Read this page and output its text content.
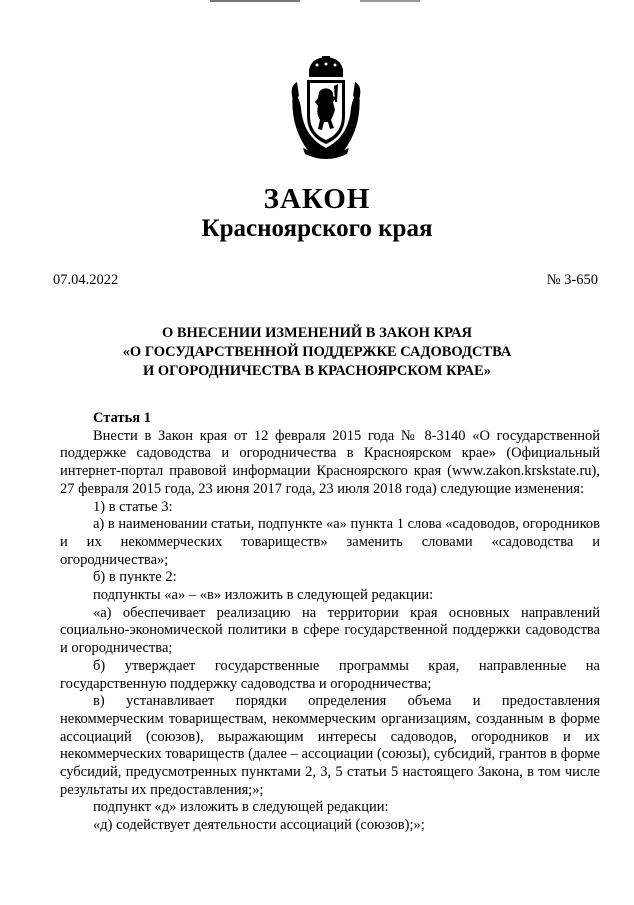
ЗАКОН
Красноярского края
07.04.2022	№ 3-650
О ВНЕСЕНИИ ИЗМЕНЕНИЙ В ЗАКОН КРАЯ
«О ГОСУДАРСТВЕННОЙ ПОДДЕРЖКЕ САДОВОДСТВА
И ОГОРОДНИЧЕСТВА В КРАСНОЯРСКОМ КРАЕ»

Статья 1

Внести в Закон края от 12 февраля 2015 года № 8-3140 «О государственной поддержке садоводства и огородничества в Красноярском крае» (Официальный интернет-портал правовой информации Красноярского края (www.zakon.krskstate.ru), 27 февраля 2015 года, 23 июня 2017 года, 23 июля 2018 года) следующие изменения:

1) в статье 3:

а) в наименовании статьи, подпункте «а» пункта 1 слова «садоводов, огородников и их некоммерческих товариществ» заменить словами «садоводства и огородничества»;

б) в пункте 2:

подпункты «а» – «в» изложить в следующей редакции:

«а) обеспечивает реализацию на территории края основных направлений социально-экономической политики в сфере государственной поддержки садоводства и огородничества;

б) утверждает государственные программы края, направленные на государственную поддержку садоводства и огородничества;

в) устанавливает порядки определения объема и предоставления некоммерческим товариществам, некоммерческим организациям, созданным в форме ассоциаций (союзов), выражающим интересы садоводов, огородников и их некоммерческих товариществ (далее – ассоциации (союзы), субсидий, грантов в форме субсидий, предусмотренных пунктами 2, 3, 5 статьи 5 настоящего Закона, в том числе результаты их предоставления;»;

подпункт «д» изложить в следующей редакции:

«д) содействует деятельности ассоциаций (союзов);»;
